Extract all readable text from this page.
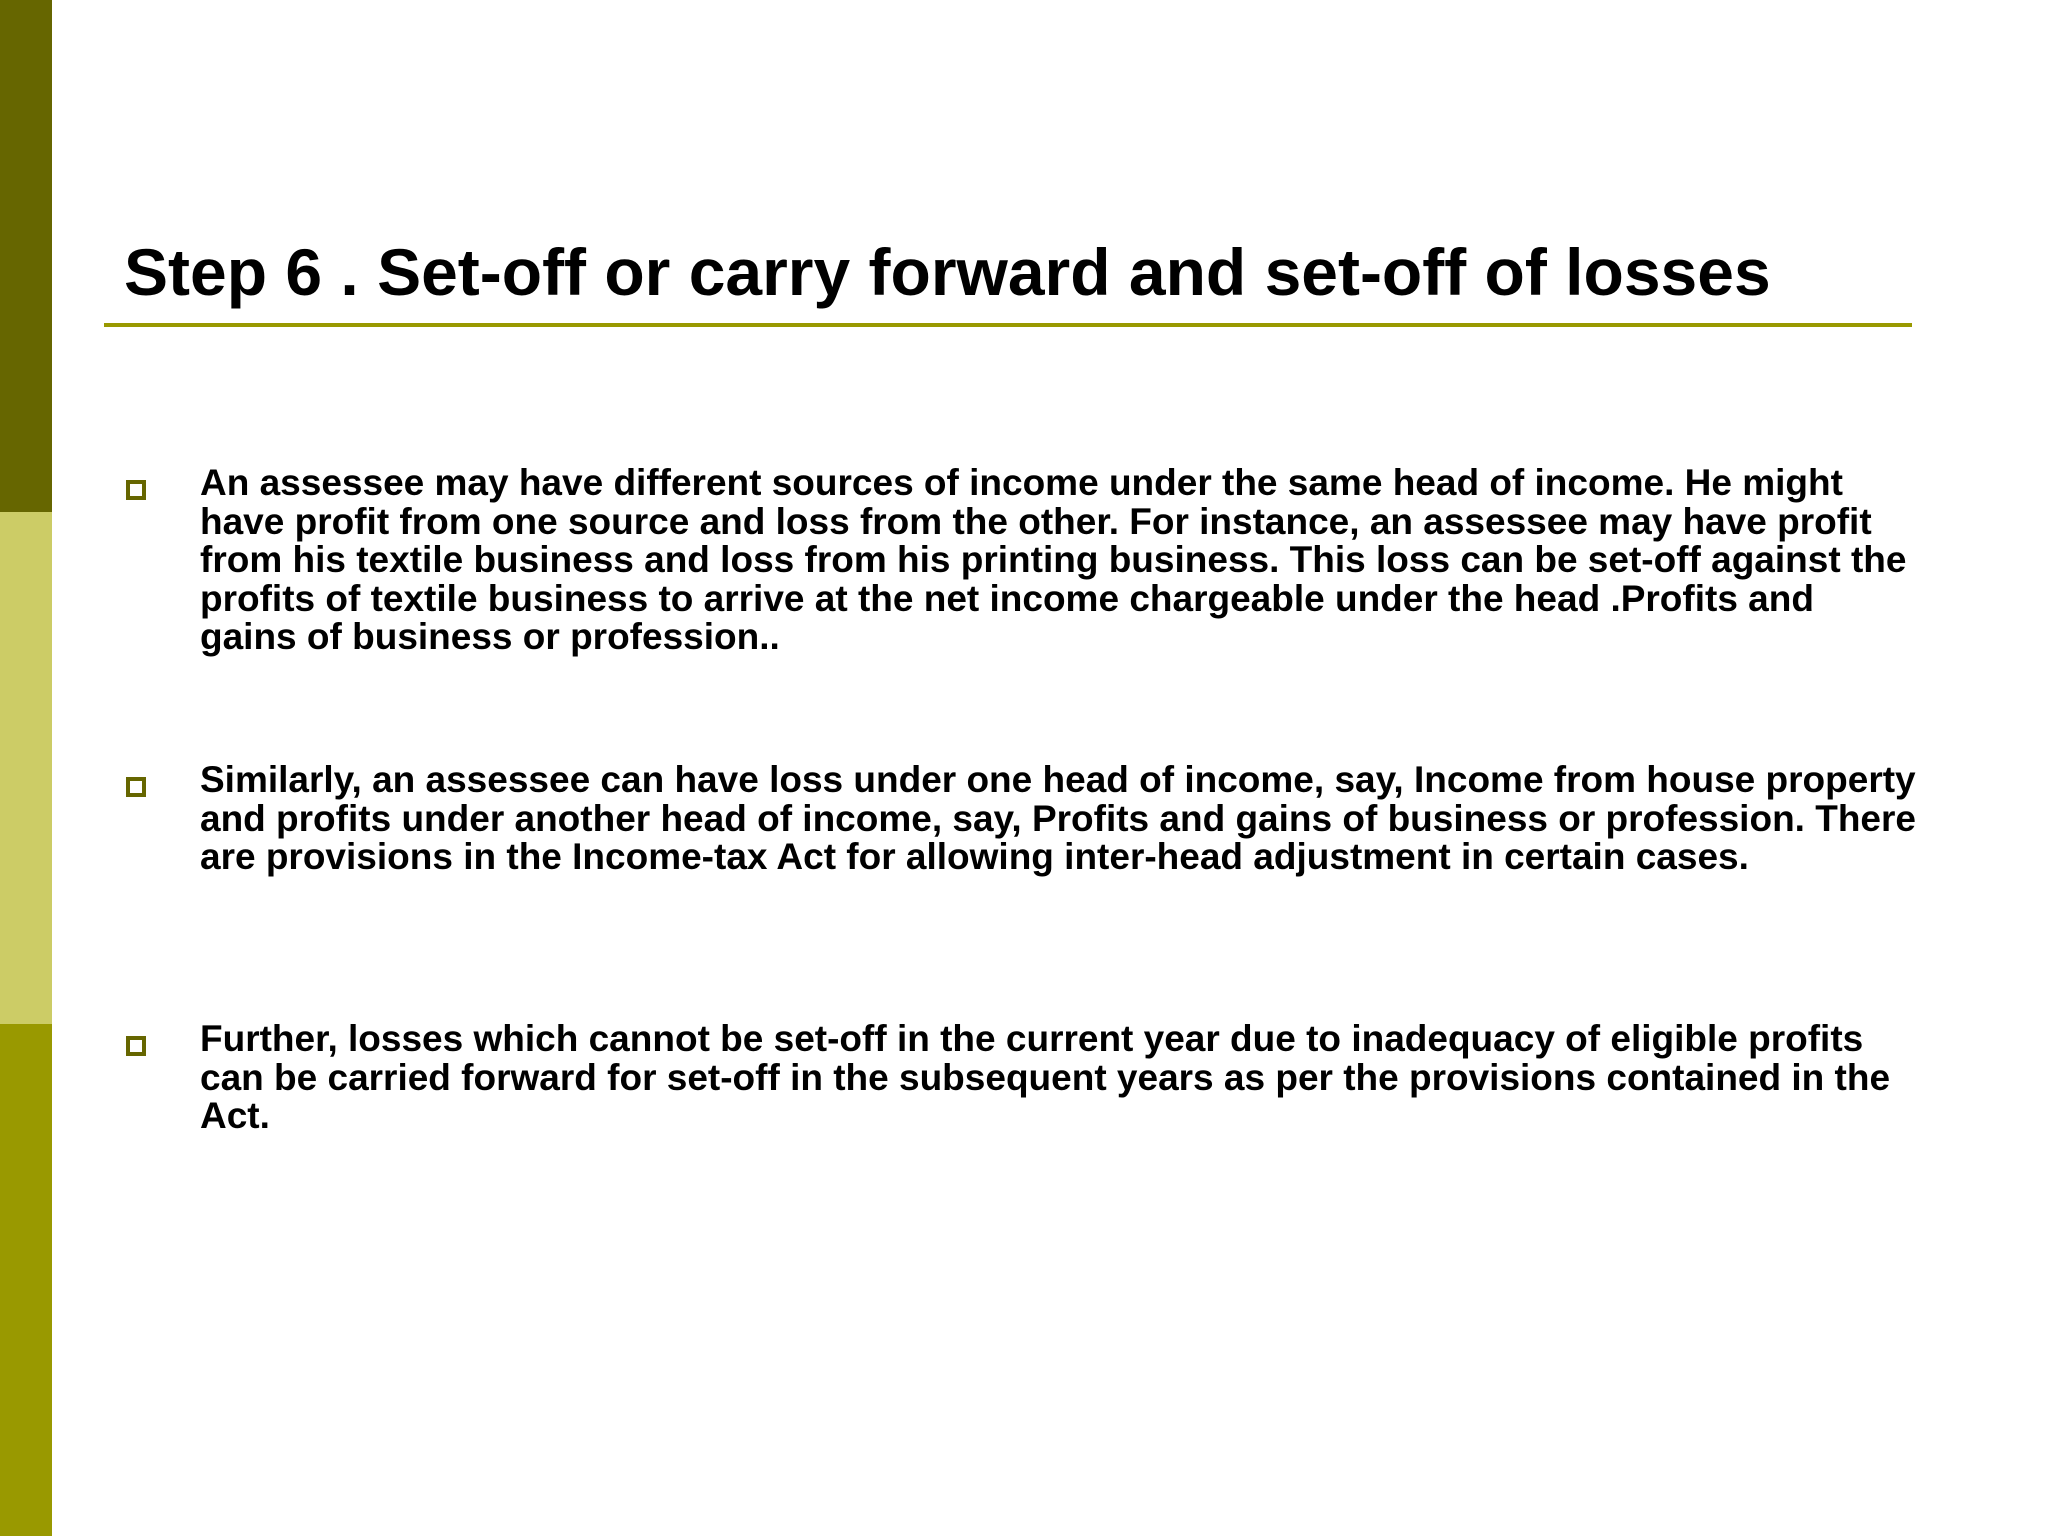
Step 6 . Set-off or carry forward and set-off of losses

An assessee may have different sources of income under the same head of income. He might have profit from one source and loss from the other. For instance, an assessee may have profit from his textile business and loss from his printing business. This loss can be set-off against the profits of textile business to arrive at the net income chargeable under the head .Profits and gains of business or profession..

Similarly, an assessee can have loss under one head of income, say, Income from house property and profits under another head of income, say, Profits and gains of business or profession. There are provisions in the Income-tax Act for allowing inter-head adjustment in certain cases.

Further, losses which cannot be set-off in the current year due to inadequacy of eligible profits can be carried forward for set-off in the subsequent years as per the provisions contained in the Act.
